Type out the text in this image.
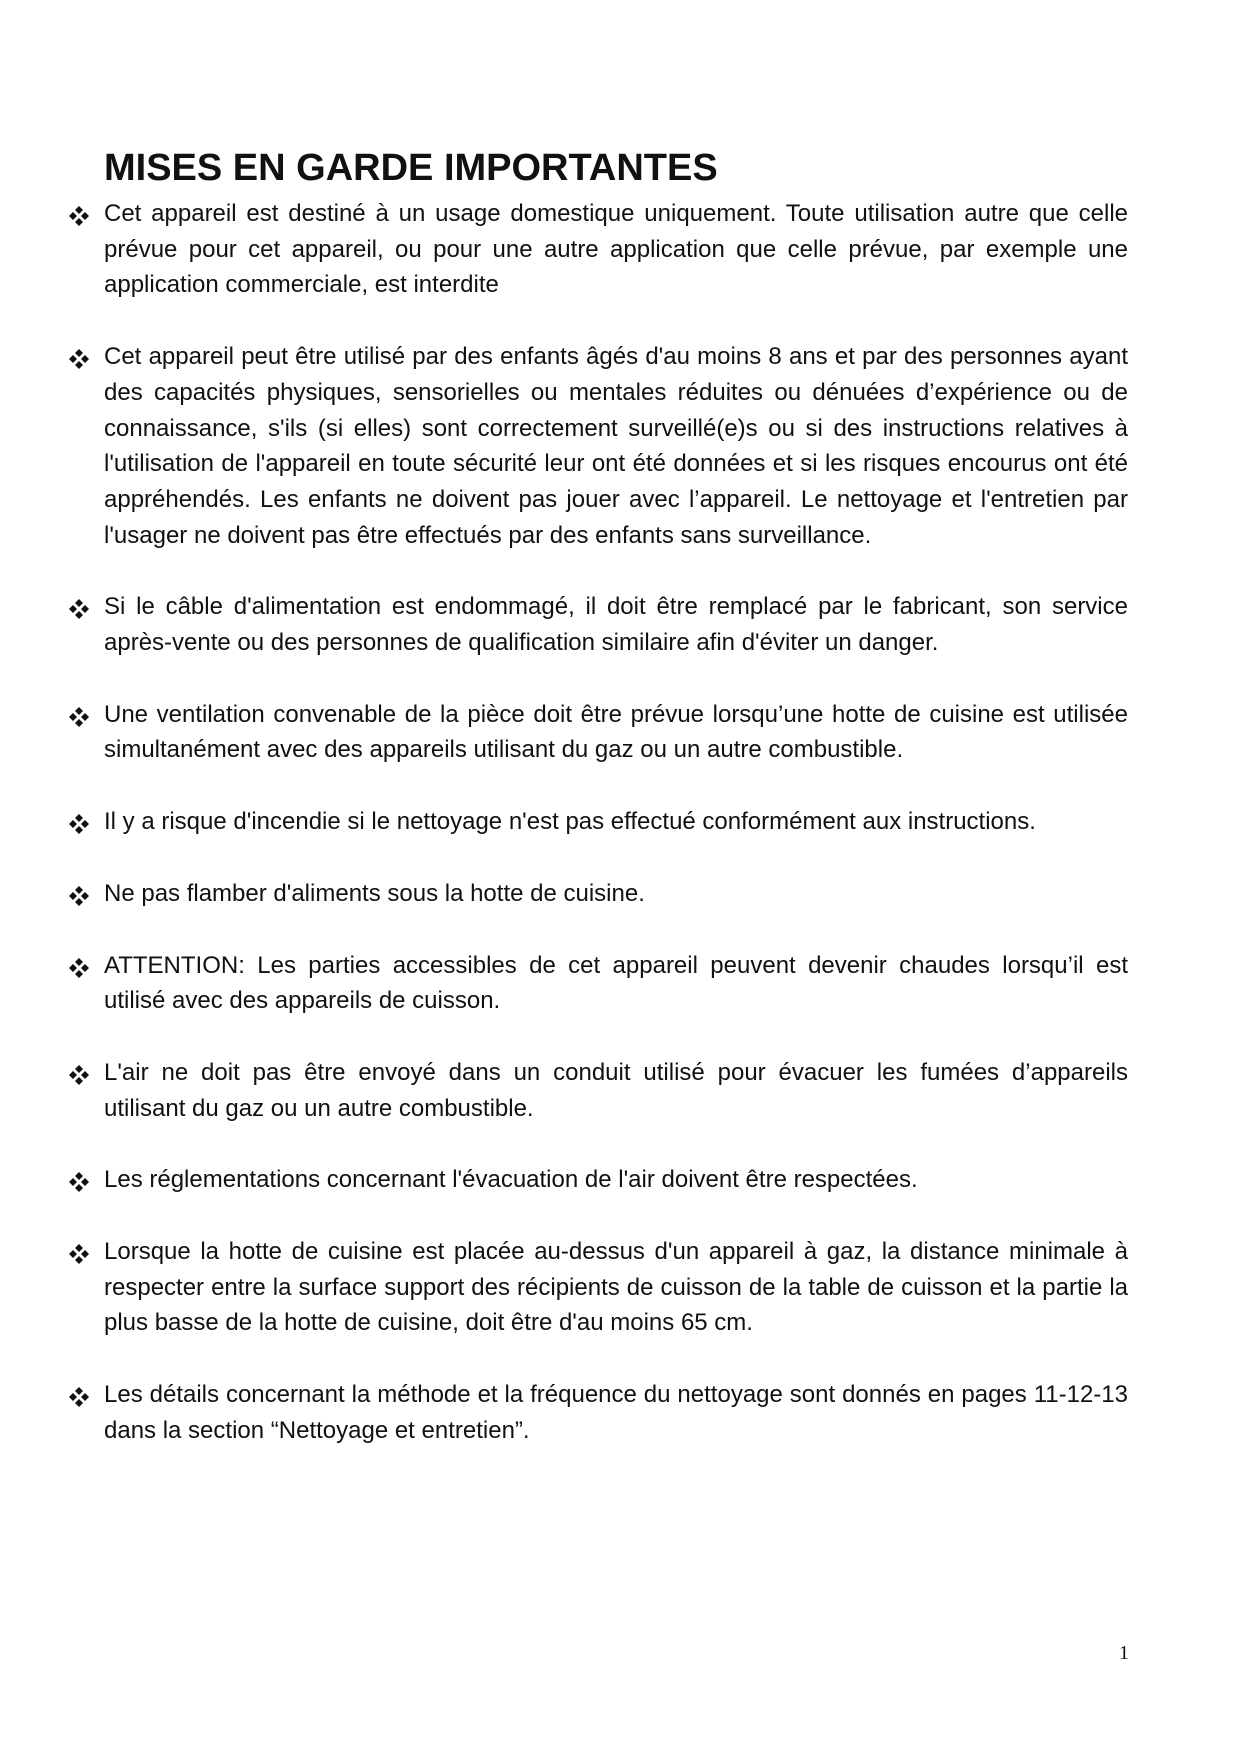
MISES EN GARDE IMPORTANTES
Cet appareil est destiné à un usage domestique uniquement. Toute utilisation autre que celle prévue pour cet appareil, ou pour une autre application que celle prévue, par exemple une application commerciale, est interdite
Cet appareil peut être utilisé par des enfants âgés d'au moins 8 ans et par des personnes ayant des capacités physiques, sensorielles ou mentales réduites ou dénuées d’expérience ou de connaissance, s'ils (si elles) sont correctement surveillé(e)s ou si des instructions relatives à l'utilisation de l'appareil en toute sécurité leur ont été données et si les risques encourus ont été appréhendés. Les enfants ne doivent pas jouer avec l’appareil. Le nettoyage et l'entretien par l'usager ne doivent pas être effectués par des enfants sans surveillance.
Si le câble d'alimentation est endommagé, il doit être remplacé par le fabricant, son service après-vente ou des personnes de qualification similaire afin d'éviter un danger.
Une ventilation convenable de la pièce doit être prévue lorsqu’une hotte de cuisine est utilisée simultanément avec des appareils utilisant du gaz ou un autre combustible.
Il y a risque d'incendie si le nettoyage n'est pas effectué conformément aux instructions.
Ne pas flamber d'aliments sous la hotte de cuisine.
ATTENTION: Les parties accessibles de cet appareil peuvent devenir chaudes lorsqu’il est utilisé avec des appareils de cuisson.
L'air ne doit pas être envoyé dans un conduit utilisé pour évacuer les fumées d’appareils utilisant du gaz ou un autre combustible.
Les réglementations concernant l'évacuation de l'air doivent être respectées.
Lorsque la hotte de cuisine est placée au-dessus d'un appareil à gaz, la distance minimale à respecter entre la surface support des récipients de cuisson de la table de cuisson et la partie la plus basse de la hotte de cuisine, doit être d'au moins 65 cm.
Les détails concernant la méthode et la fréquence du nettoyage sont donnés en pages 11-12-13 dans la section “Nettoyage et entretien”.
1
